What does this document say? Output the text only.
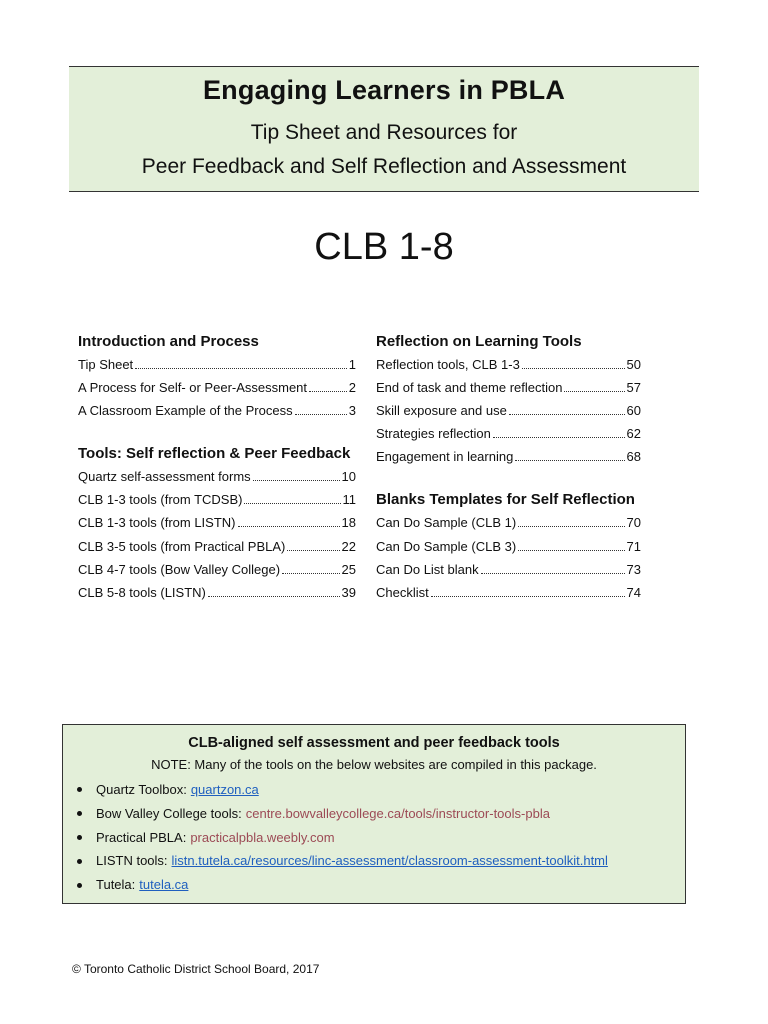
Engaging Learners in PBLA
Tip Sheet and Resources for
Peer Feedback and Self Reflection and Assessment
CLB 1-8
Introduction and Process
Tip Sheet	1
A Process for Self- or Peer-Assessment	2
A Classroom Example of the Process	3
Tools: Self reflection & Peer Feedback
Quartz self-assessment forms	10
CLB 1-3 tools (from TCDSB)	11
CLB 1-3 tools (from LISTN)	18
CLB 3-5 tools (from Practical PBLA)	22
CLB 4-7 tools (Bow Valley College)	25
CLB 5-8 tools (LISTN)	39
Reflection on Learning Tools
Reflection tools, CLB 1-3	50
End of task and theme reflection	57
Skill exposure and use	60
Strategies reflection	62
Engagement in learning	68
Blanks Templates for Self Reflection
Can Do Sample (CLB 1)	70
Can Do Sample (CLB 3)	71
Can Do List blank	73
Checklist	74
CLB-aligned self assessment and peer feedback tools
NOTE: Many of the tools on the below websites are compiled in this package.
Quartz Toolbox: quartzon.ca
Bow Valley College tools: centre.bowvalleycollege.ca/tools/instructor-tools-pbla
Practical PBLA: practicalpbla.weebly.com
LISTN tools: listn.tutela.ca/resources/linc-assessment/classroom-assessment-toolkit.html
Tutela: tutela.ca
© Toronto Catholic District School Board, 2017
